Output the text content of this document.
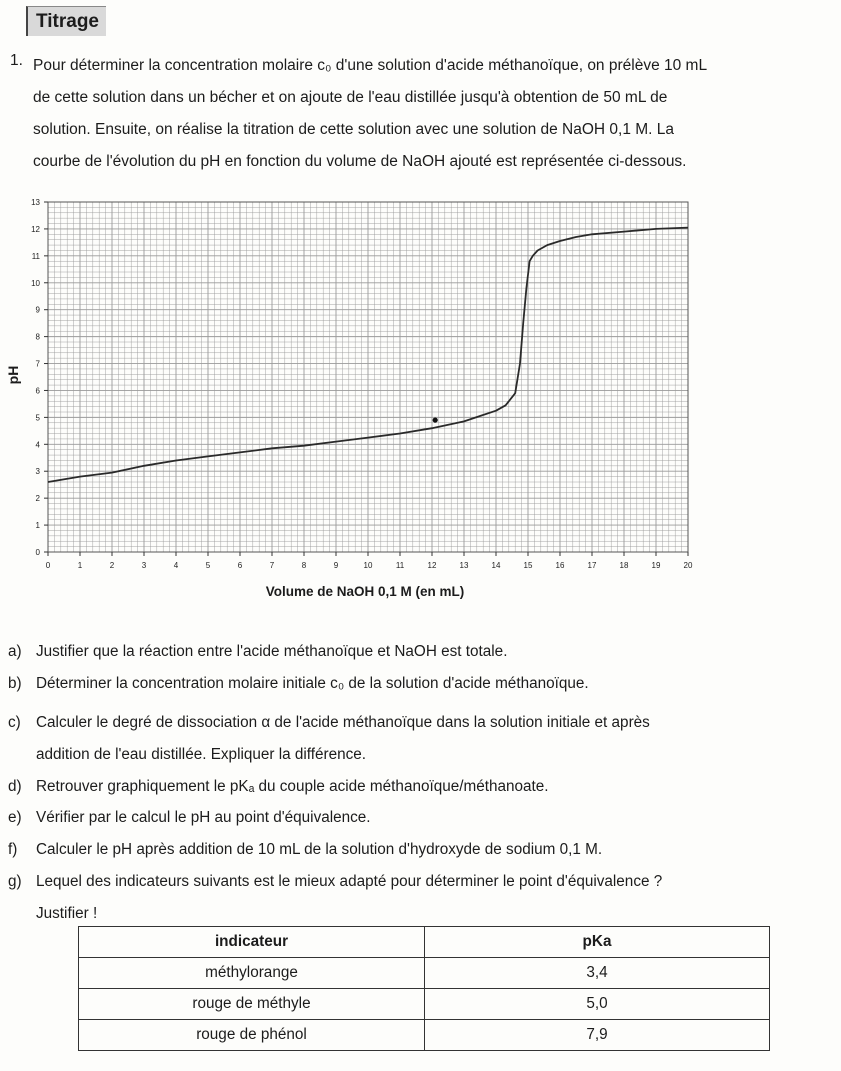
Titrage
1. Pour déterminer la concentration molaire c₀ d'une solution d'acide méthanoïque, on prélève 10 mL
de cette solution dans un bécher et on ajoute de l'eau distillée jusqu'à obtention de 50 mL de
solution. Ensuite, on réalise la titration de cette solution avec une solution de NaOH 0,1 M. La
courbe de l'évolution du pH en fonction du volume de NaOH ajouté est représentée ci-dessous.
0	1	2	3	4	5	6	7	8	9	10	11	12	13	14	15	16	17	18	19	20
0
1
2
3
4
5
6
7
8
9
10
11
12
13
Volume de NaOH 0,1 M (en mL)
pH
a) Justifier que la réaction entre l'acide méthanoïque et NaOH est totale.
b) Déterminer la concentration molaire initiale c₀ de la solution d'acide méthanoïque.
c) Calculer le degré de dissociation α de l'acide méthanoïque dans la solution initiale et après
addition de l'eau distillée. Expliquer la différence.
d) Retrouver graphiquement le pKₐ du couple acide méthanoïque/méthanoate.
e) Vérifier par le calcul le pH au point d'équivalence.
f) Calculer le pH après addition de 10 mL de la solution d'hydroxyde de sodium 0,1 M.
g) Lequel des indicateurs suivants est le mieux adapté pour déterminer le point d'équivalence ?
Justifier !
indicateur	pKa
méthylorange	3,4
rouge de méthyle	5,0
rouge de phénol	7,9
